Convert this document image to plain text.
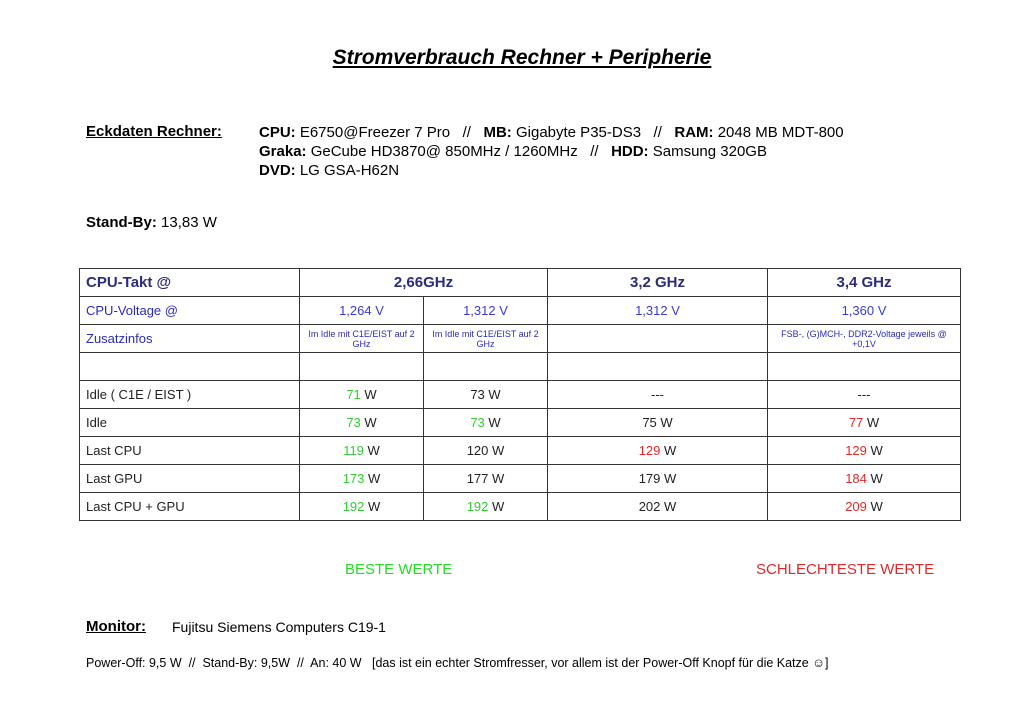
Stromverbrauch Rechner + Peripherie
Eckdaten Rechner: CPU: E6750@Freezer 7 Pro   //   MB: Gigabyte P35-DS3   //   RAM: 2048 MB MDT-800
Graka: GeCube HD3870@ 850MHz / 1260MHz   //   HDD: Samsung 320GB
DVD: LG GSA-H62N
Stand-By: 13,83 W
CPU-Takt @	2,66GHz		3,2 GHz	3,4 GHz
CPU-Voltage @	1,264 V	1,312 V	1,312 V	1,360 V
Zusatzinfos	Im Idle mit C1E/EIST auf 2 GHz	Im Idle mit C1E/EIST auf 2 GHz		FSB-, (G)MCH-, DDR2-Voltage jeweils @ +0,1V

Idle ( C1E / EIST )	71 W	73 W	---	---
Idle	73 W	73 W	75 W	77 W
Last CPU	119 W	120 W	129 W	129 W
Last GPU	173 W	177 W	179 W	184 W
Last CPU + GPU	192 W	192 W	202 W	209 W
BESTE WERTE	SCHLECHTESTE WERTE
Monitor: Fujitsu Siemens Computers C19-1
Power-Off: 9,5 W  //  Stand-By: 9,5W  //  An: 40 W   [das ist ein echter Stromfresser, vor allem ist der Power-Off Knopf für die Katze ☺]
